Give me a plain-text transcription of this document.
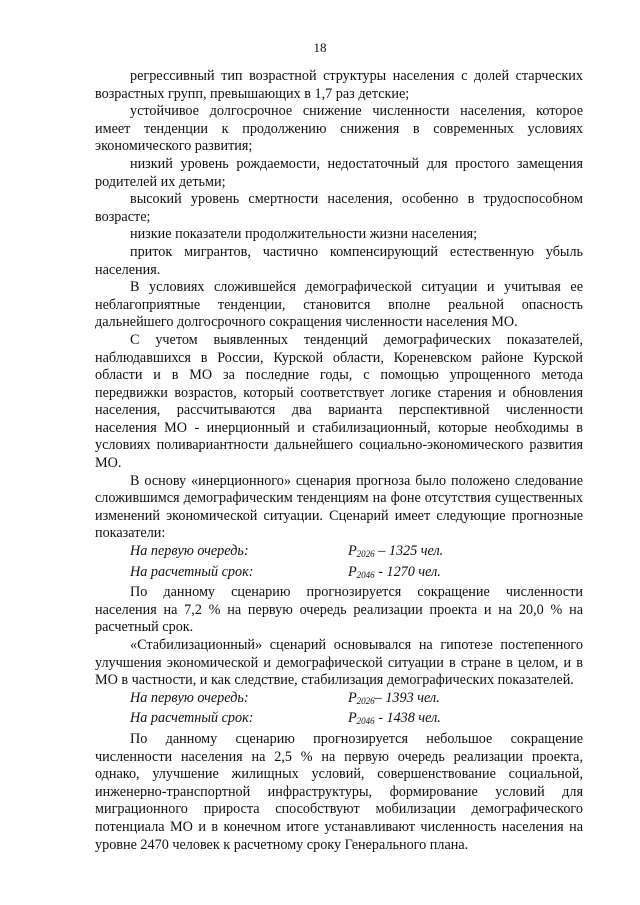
18

регрессивный тип возрастной структуры населения с долей старческих возрастных групп, превышающих в 1,7 раз детские;

устойчивое долгосрочное снижение численности населения, которое имеет тенденции к продолжению снижения в современных условиях экономического развития;

низкий уровень рождаемости, недостаточный для простого замещения родителей их детьми;

высокий уровень смертности населения, особенно в трудоспособном возрасте;

низкие показатели продолжительности жизни населения;

приток мигрантов, частично компенсирующий естественную убыль населения.

В условиях сложившейся демографической ситуации и учитывая ее неблагоприятные тенденции, становится вполне реальной опасность дальнейшего долгосрочного сокращения численности населения МО.

С учетом выявленных тенденций демографических показателей, наблюдавшихся в России, Курской области, Кореневском районе Курской области и в МО за последние годы, с помощью упрощенного метода передвижки возрастов, который соответствует логике старения и обновления населения, рассчитываются два варианта перспективной численности населения МО - инерционный и стабилизационный, которые необходимы в условиях поливариантности дальнейшего социально-экономического развития МО.

В основу «инерционного» сценария прогноза было положено следование сложившимся демографическим тенденциям на фоне отсутствия существенных изменений экономической ситуации. Сценарий имеет следующие прогнозные показатели:

На первую очередь:	$P_{2026} - 1325$ чел.
На расчетный срок:	$P_{2046} - 1270$ чел.

По данному сценарию прогнозируется сокращение численности населения на 7,2 % на первую очередь реализации проекта и на 20,0 % на расчетный срок.

«Стабилизационный» сценарий основывался на гипотезе постепенного улучшения экономической и демографической ситуации в стране в целом, и в МО в частности, и как следствие, стабилизация демографических показателей.

На первую очередь:	$P_{2026}-$ 1393 чел.
На расчетный срок:	$P_{2046} - 1438$ чел.

По данному сценарию прогнозируется небольшое сокращение численности населения на 2,5 % на первую очередь реализации проекта, однако, улучшение жилищных условий, совершенствование социальной, инженерно-транспортной инфраструктуры, формирование условий для миграционного прироста способствуют мобилизации демографического потенциала МО и в конечном итоге устанавливают численность населения на уровне 2470 человек к расчетному сроку Генерального плана.
